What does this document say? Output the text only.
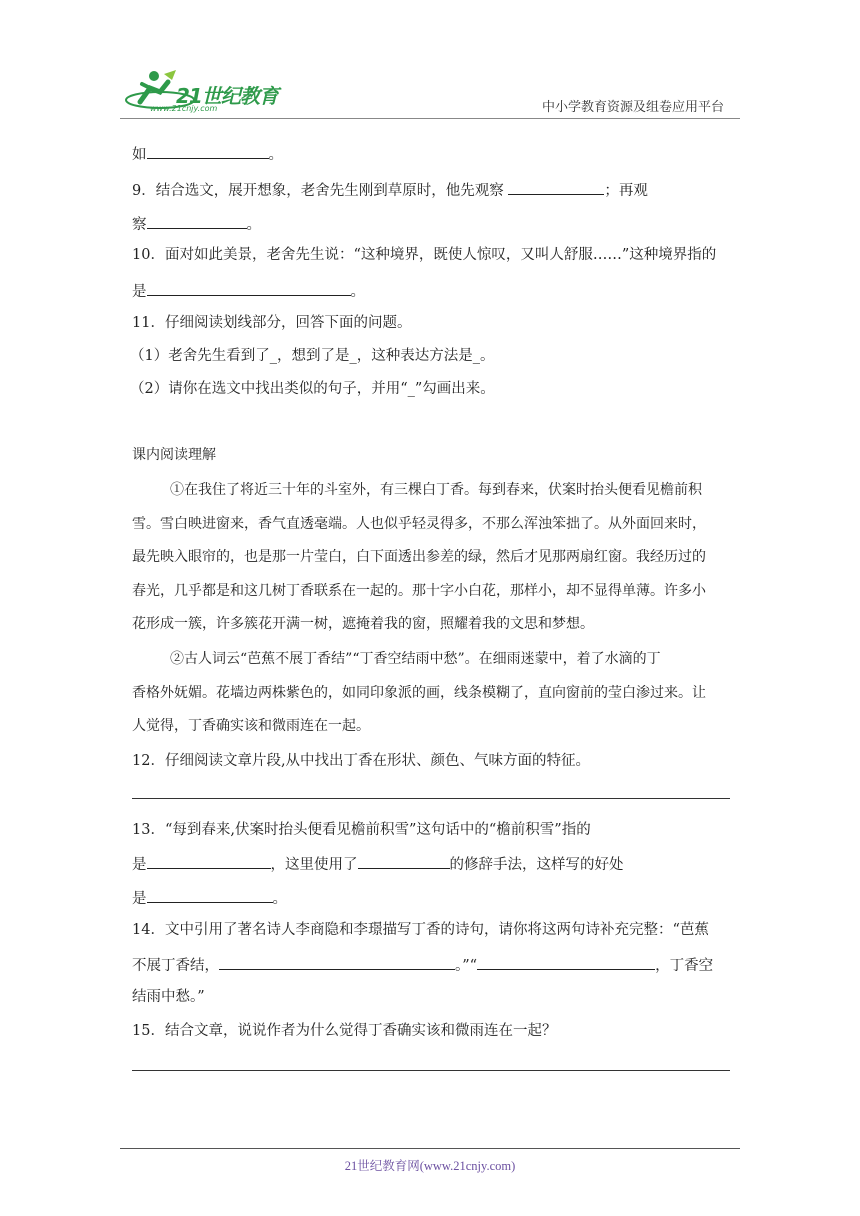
21世纪教育
www.21cnjy.com	中小学教育资源及组卷应用平台
如	。
9．结合选文，展开想象，老舍先生刚到草原时，他先观察	；再观
察	。
10．面对如此美景，老舍先生说：“这种境界，既使人惊叹，又叫人舒服……”这种境界指的
是	。
11．仔细阅读划线部分，回答下面的问题。
（1）老舍先生看到了_，想到了是_，这种表达方法是_。
（2）请你在选文中找出类似的句子，并用“_”勾画出来。
课内阅读理解
①在我住了将近三十年的斗室外，有三棵白丁香。每到春来，伏案时抬头便看见檐前积
雪。雪白映进窗来，香气直透毫端。人也似乎轻灵得多，不那么浑浊笨拙了。从外面回来时，
最先映入眼帘的，也是那一片莹白，白下面透出参差的绿，然后才见那两扇红窗。我经历过的
春光，几乎都是和这几树丁香联系在一起的。那十字小白花，那样小，却不显得单薄。许多小
花形成一簇，许多簇花开满一树，遮掩着我的窗，照耀着我的文思和梦想。
②古人词云“芭蕉不展丁香结”“丁香空结雨中愁”。在细雨迷蒙中，着了水滴的丁
香格外妩媚。花墙边两株紫色的，如同印象派的画，线条模糊了，直向窗前的莹白渗过来。让
人觉得，丁香确实该和微雨连在一起。
12．仔细阅读文章片段,从中找出丁香在形状、颜色、气味方面的特征。
13．“每到春来,伏案时抬头便看见檐前积雪”这句话中的“檐前积雪”指的
是	，这里使用了	的修辞手法，这样写的好处
是	。
14．文中引用了著名诗人李商隐和李璟描写丁香的诗句，请你将这两句诗补充完整：“芭蕉
不展丁香结，	。”“	，丁香空
结雨中愁。”
15．结合文章，说说作者为什么觉得丁香确实该和微雨连在一起？
21世纪教育网(www.21cnjy.com)
